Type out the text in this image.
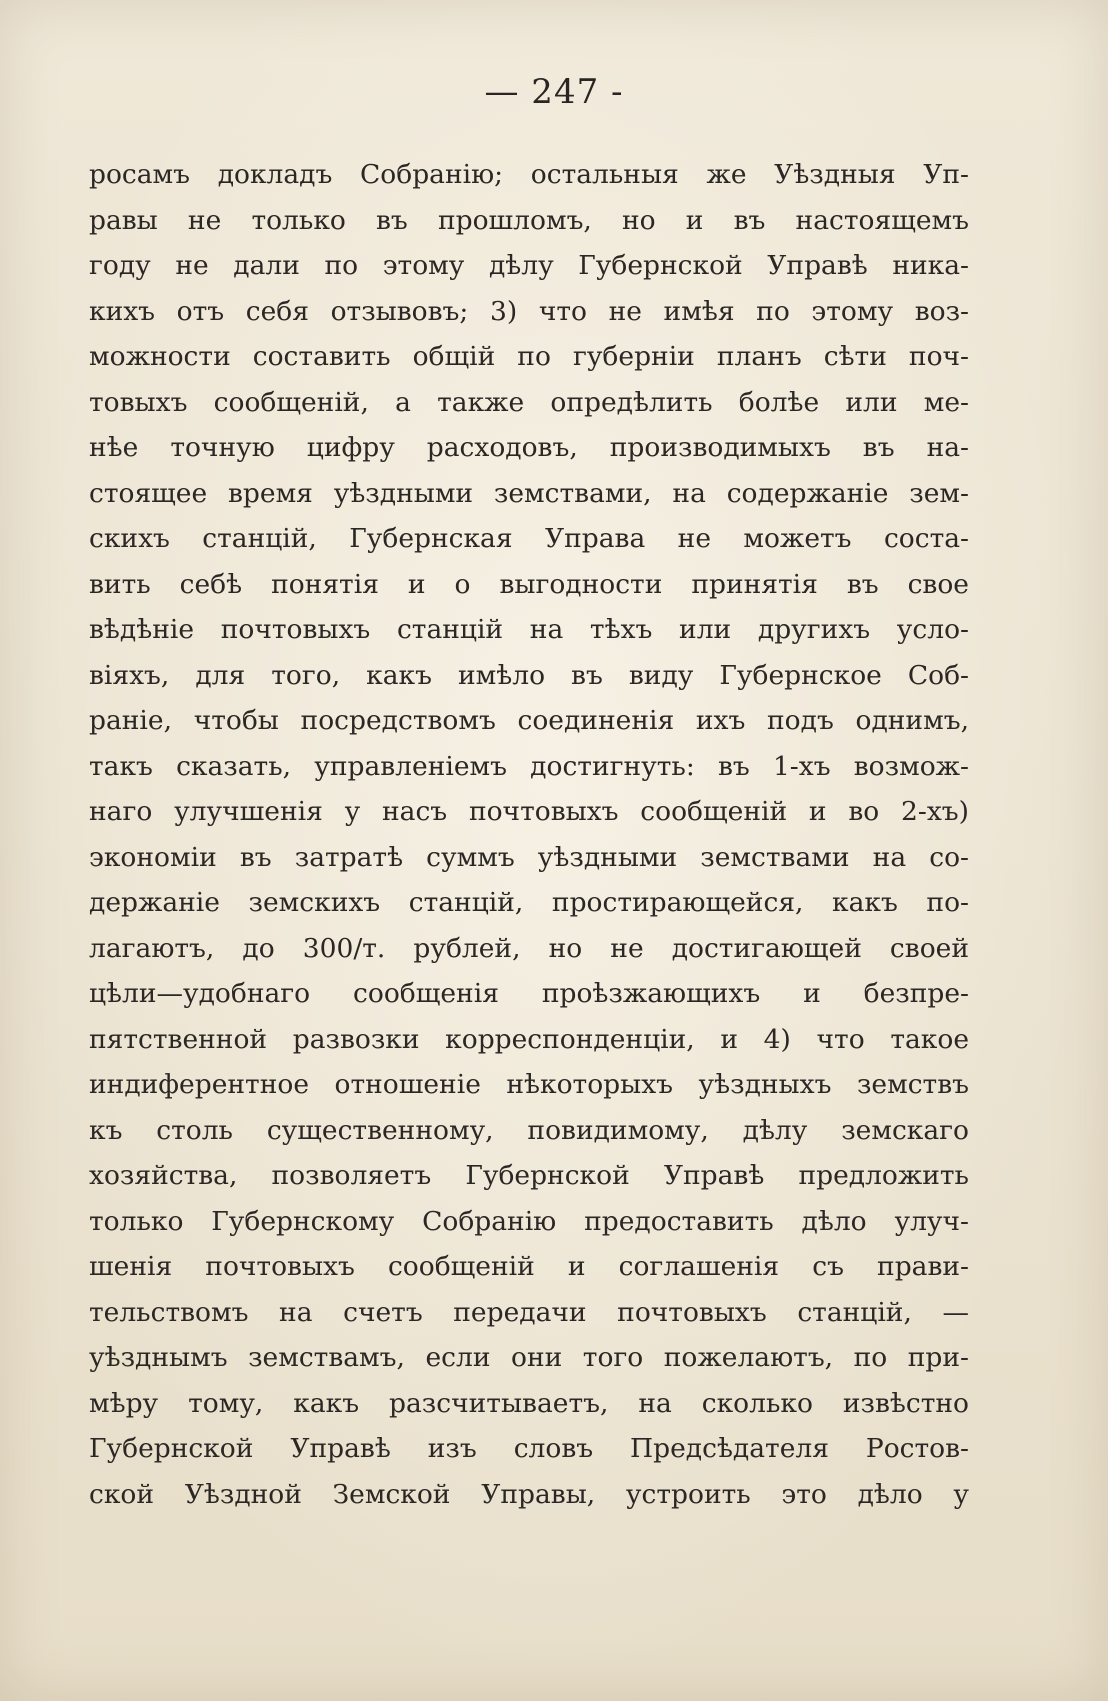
— 247 -
росамъ докладъ Собранію; остальныя же Уѣздныя Уп-
равы не только въ прошломъ, но и въ настоящемъ
году не дали по этому дѣлу Губернской Управѣ ника-
кихъ отъ себя отзывовъ; 3) что не имѣя по этому воз-
можности составить общій по губерніи планъ сѣти поч-
товыхъ сообщеній, а также опредѣлить болѣе или ме-
нѣе точную цифру расходовъ, производимыхъ въ на-
стоящее время уѣздными земствами, на содержаніе зем-
скихъ станцій, Губернская Управа не можетъ соста-
вить себѣ понятія и о выгодности принятія въ свое
вѣдѣніе почтовыхъ станцій на тѣхъ или другихъ усло-
віяхъ, для того, какъ имѣло въ виду Губернское Соб-
раніе, чтобы посредствомъ соединенія ихъ подъ однимъ,
такъ сказать, управленіемъ достигнуть: въ 1-хъ возмож-
наго улучшенія у насъ почтовыхъ сообщеній и во 2-хъ)
экономіи въ затратѣ суммъ уѣздными земствами на со-
держаніе земскихъ станцій, простирающейся, какъ по-
лагаютъ, до 300/т. рублей, но не достигающей своей
цѣли—удобнаго сообщенія проѣзжающихъ и безпре-
пятственной развозки корреспонденціи, и 4) что такое
индиферентное отношеніе нѣкоторыхъ уѣздныхъ земствъ
къ столь существенному, повидимому, дѣлу земскаго
хозяйства, позволяетъ Губернской Управѣ предложить
только Губернскому Собранію предоставить дѣло улуч-
шенія почтовыхъ сообщеній и соглашенія съ прави-
тельствомъ на счетъ передачи почтовыхъ станцій, —
уѣзднымъ земствамъ, если они того пожелаютъ, по при-
мѣру тому, какъ разсчитываетъ, на сколько извѣстно
Губернской Управѣ изъ словъ Предсѣдателя Ростов-
ской Уѣздной Земской Управы, устроить это дѣло у
